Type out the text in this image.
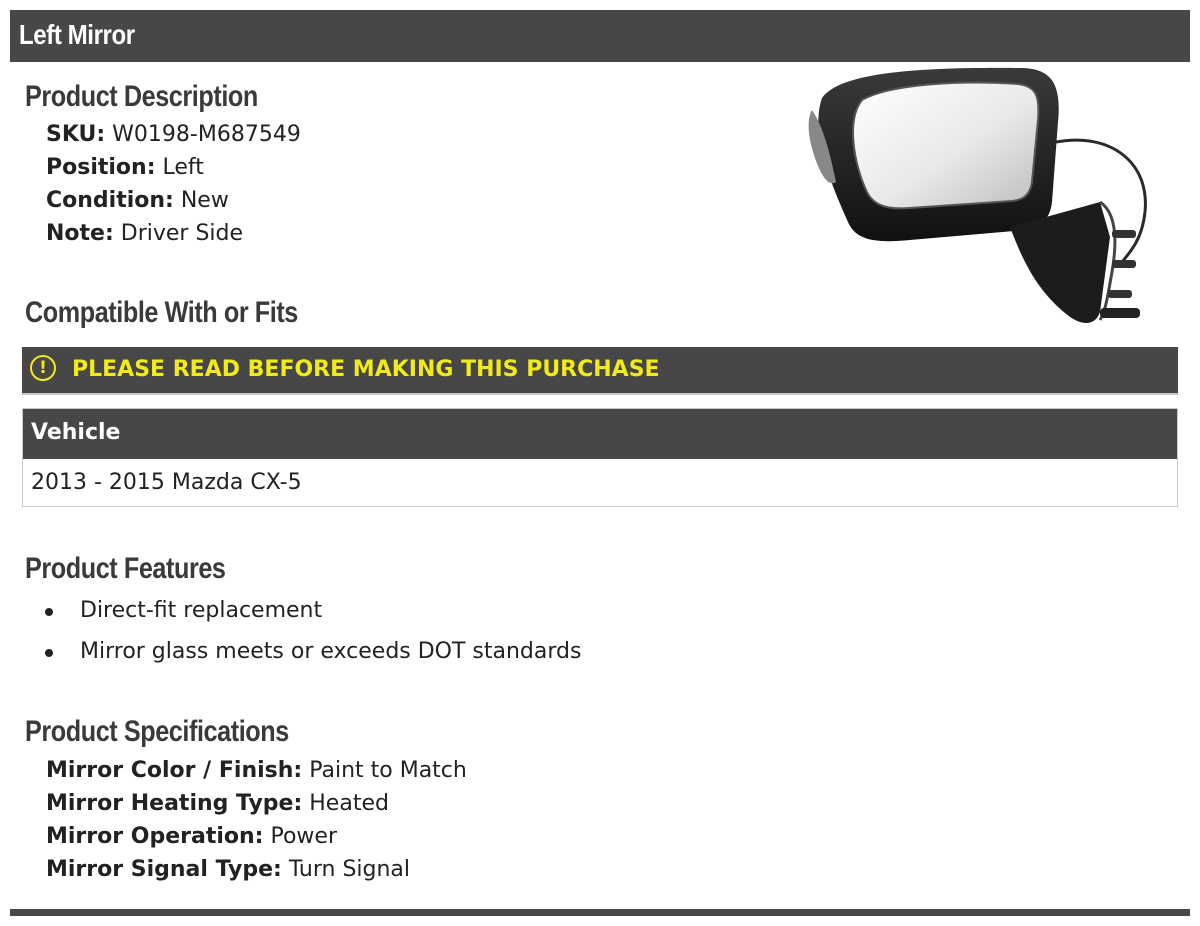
Left Mirror
Product Description
SKU: W0198-M687549
Position: Left
Condition: New
Note: Driver Side
Compatible With or Fits
!	PLEASE READ BEFORE MAKING THIS PURCHASE
Vehicle
2013 - 2015 Mazda CX-5
Product Features
Direct-fit replacement
Mirror glass meets or exceeds DOT standards
Product Specifications
Mirror Color / Finish: Paint to Match
Mirror Heating Type: Heated
Mirror Operation: Power
Mirror Signal Type: Turn Signal
